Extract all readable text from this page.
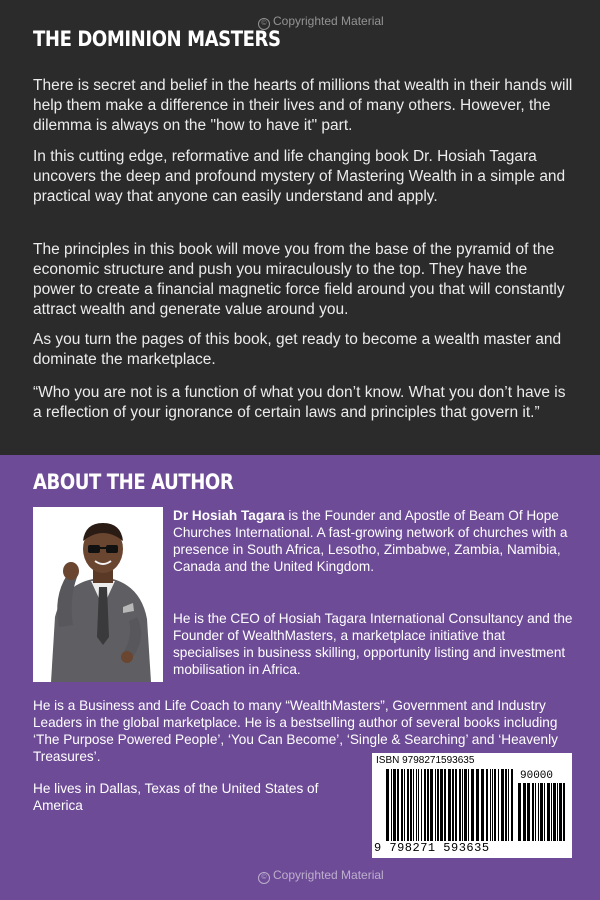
© Copyrighted Material
THE DOMINION MASTERS

There is secret and belief in the hearts of millions that wealth in their hands will help them make a difference in their lives and of many others. However, the dilemma is always on the "how to have it" part.

In this cutting edge, reformative and life changing book Dr. Hosiah Tagara uncovers the deep and profound mystery of Mastering Wealth in a simple and practical way that anyone can easily understand and apply.

The principles in this book will move you from the base of the pyramid of the economic structure and push you miraculously to the top. They have the power to create a financial magnetic force field around you that will constantly attract wealth and generate value around you.

As you turn the pages of this book, get ready to become a wealth master and dominate the marketplace.

“Who you are not is a function of what you don’t know. What you don’t have is a reflection of your ignorance of certain laws and principles that govern it.”

ABOUT THE AUTHOR

Dr Hosiah Tagara is the Founder and Apostle of Beam Of Hope Churches International. A fast-growing network of churches with a presence in South Africa, Lesotho, Zimbabwe, Zambia, Namibia, Canada and the United Kingdom.

He is the CEO of Hosiah Tagara International Consultancy and the Founder of WealthMasters, a marketplace initiative that specialises in business skilling, opportunity listing and investment mobilisation in Africa.

He is a Business and Life Coach to many “WealthMasters”, Government and Industry Leaders in the global marketplace. He is a bestselling author of several books including ‘The Purpose Powered People’, ‘You Can Become’, ‘Single & Searching’ and ‘Heavenly Treasures’.

He lives in Dallas, Texas of the United States of America

ISBN 9798271593635
90000
9 798271 593635
© Copyrighted Material
